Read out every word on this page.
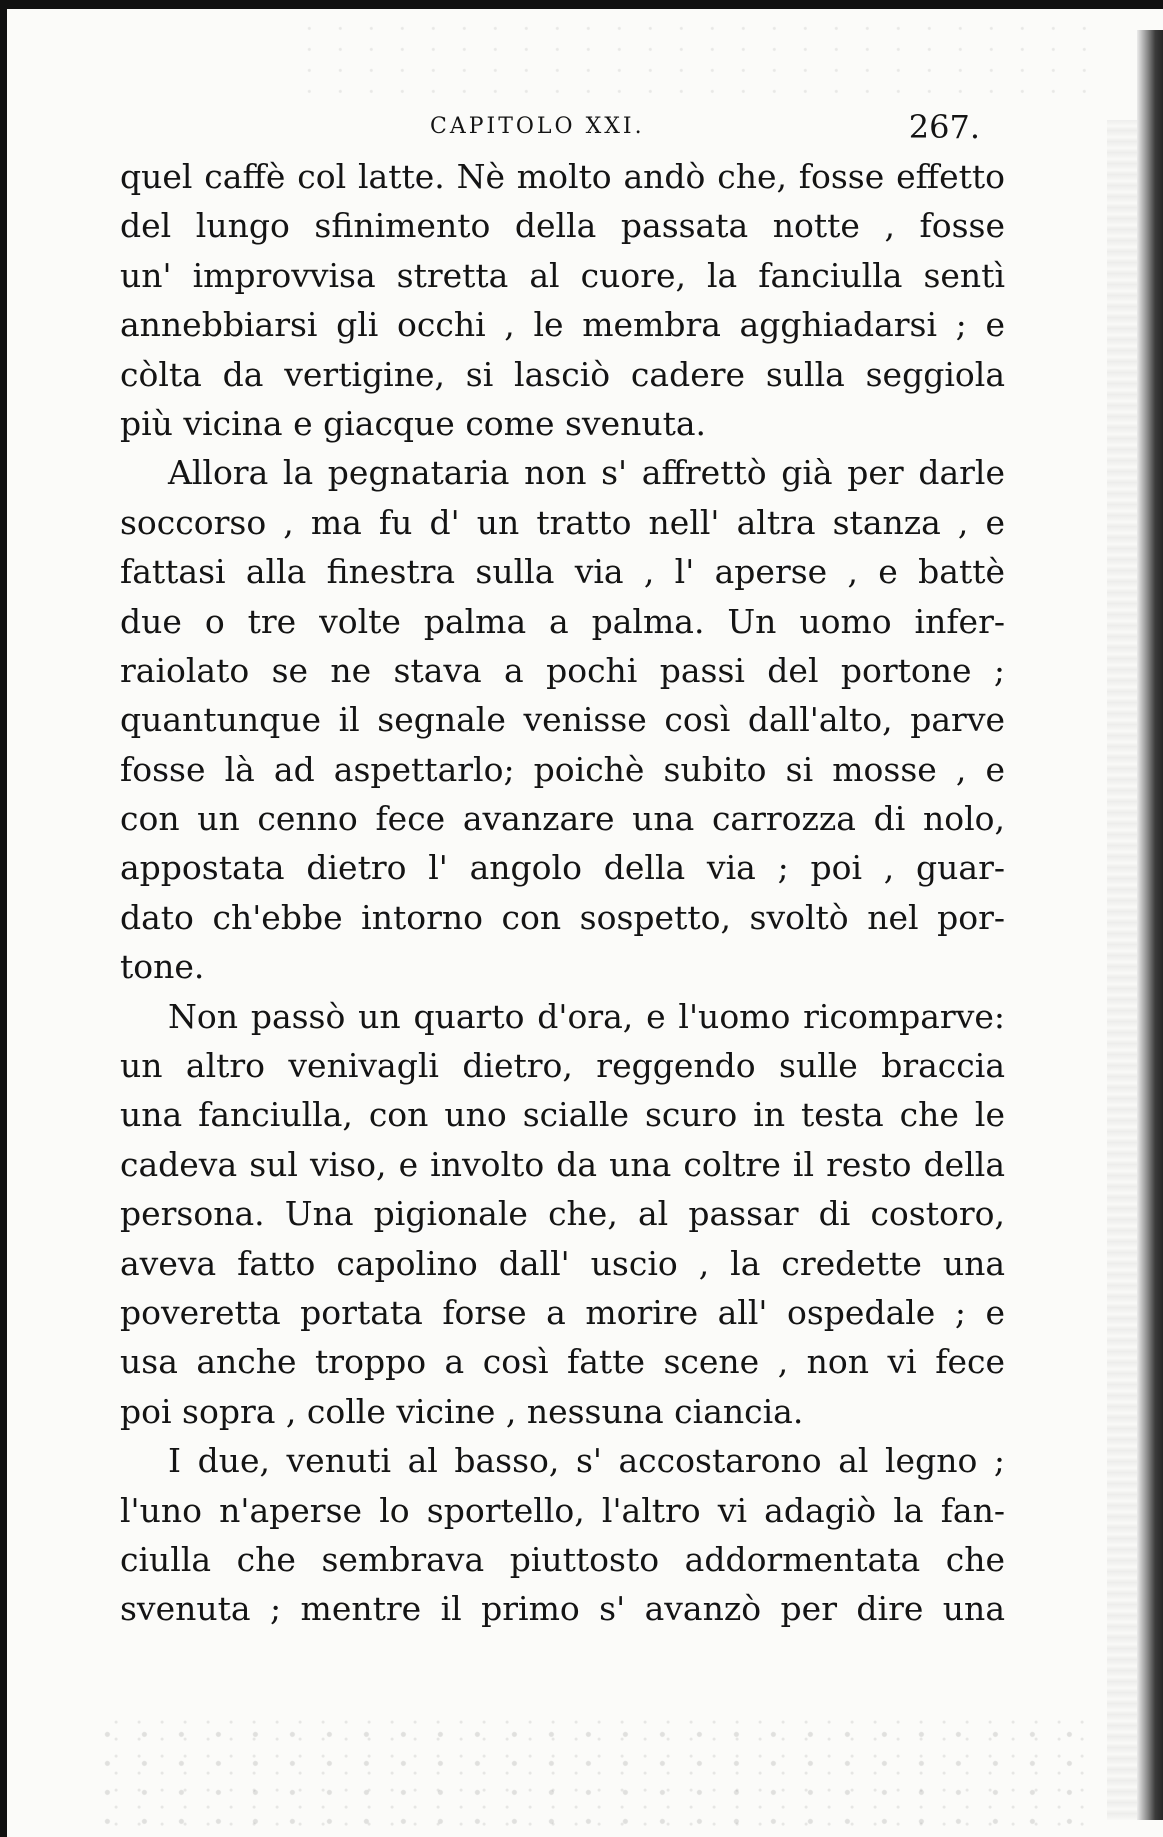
CAPITOLO XXI.	267.
quel caffè col latte. Nè molto andò che, fosse effetto
del lungo sfinimento della passata notte , fosse
un' improvvisa stretta al cuore, la fanciulla sentì
annebbiarsi gli occhi , le membra agghiadarsi ; e
còlta da vertigine, si lasciò cadere sulla seggiola
più vicina e giacque come svenuta.
Allora la pegnataria non s' affrettò già per darle
soccorso , ma fu d' un tratto nell' altra stanza , e
fattasi alla finestra sulla via , l' aperse , e battè
due o tre volte palma a palma. Un uomo infer-
raiolato se ne stava a pochi passi del portone ;
quantunque il segnale venisse così dall'alto, parve
fosse là ad aspettarlo; poichè subito si mosse , e
con un cenno fece avanzare una carrozza di nolo,
appostata dietro l' angolo della via ; poi , guar-
dato ch'ebbe intorno con sospetto, svoltò nel por-
tone.
Non passò un quarto d'ora, e l'uomo ricomparve:
un altro venivagli dietro, reggendo sulle braccia
una fanciulla, con uno scialle scuro in testa che le
cadeva sul viso, e involto da una coltre il resto della
persona. Una pigionale che, al passar di costoro,
aveva fatto capolino dall' uscio , la credette una
poveretta portata forse a morire all' ospedale ; e
usa anche troppo a così fatte scene , non vi fece
poi sopra , colle vicine , nessuna ciancia.
I due, venuti al basso, s' accostarono al legno ;
l'uno n'aperse lo sportello, l'altro vi adagiò la fan-
ciulla che sembrava piuttosto addormentata che
svenuta ; mentre il primo s' avanzò per dire una
